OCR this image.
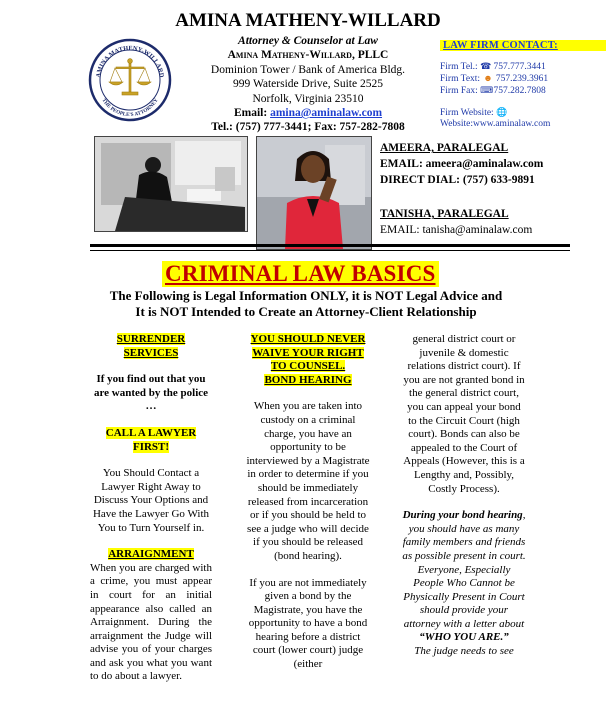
AMINA MATHENY-WILLARD
THE PEOPLE'S ATTORNEY
AMINA MATHENY-WILLARD
Attorney & Counselor at Law
Amina Matheny-Willard, PLLC
Dominion Tower / Bank of America Bldg.
999 Waterside Drive, Suite 2525
Norfolk, Virginia 23510
Email: amina@aminalaw.com
Tel.: (757) 777-3441; Fax: 757-282-7808
LAW FIRM CONTACT:
Firm Tel.: ☎ 757.777.3441
Firm Text: ☻ 757.239.3961
Firm Fax: ⌨ 757.282.7808
Firm Website: 🌐
Website:www.aminalaw.com
AMEERA, PARALEGAL
EMAIL: ameera@aminalaw.com
DIRECT DIAL: (757) 633-9891
TANISHA, PARALEGAL
EMAIL: tanisha@aminalaw.com
CRIMINAL LAW BASICS
The Following is Legal Information ONLY, it is NOT Legal Advice and
It is NOT Intended to Create an Attorney-Client Relationship
SURRENDER SERVICES
If you find out that you are wanted by the police …
CALL A LAWYER FIRST!
You Should Contact a Lawyer Right Away to Discuss Your Options and Have the Lawyer Go With You to Turn Yourself in.
ARRAIGNMENT
When you are charged with a crime, you must appear in court for an initial appearance also called an Arraignment. During the arraignment the Judge will advise you of your charges and ask you what you want to do about a lawyer.
YOU SHOULD NEVER WAIVE YOUR RIGHT TO COUNSEL.
BOND HEARING
When you are taken into custody on a criminal charge, you have an opportunity to be interviewed by a Magistrate in order to determine if you should be immediately released from incarceration or if you should be held to see a judge who will decide if you should be released (bond hearing).
If you are not immediately given a bond by the Magistrate, you have the opportunity to have a bond hearing before a district court (lower court) judge (either
general district court or juvenile & domestic relations district court). If you are not granted bond in the general district court, you can appeal your bond to the Circuit Court (high court). Bonds can also be appealed to the Court of Appeals (However, this is a Lengthy and, Possibly, Costly Process).
During your bond hearing, you should have as many family members and friends as possible present in court. Everyone, Especially People Who Cannot be Physically Present in Court should provide your attorney with a letter about
“WHO YOU ARE.”
The judge needs to see
